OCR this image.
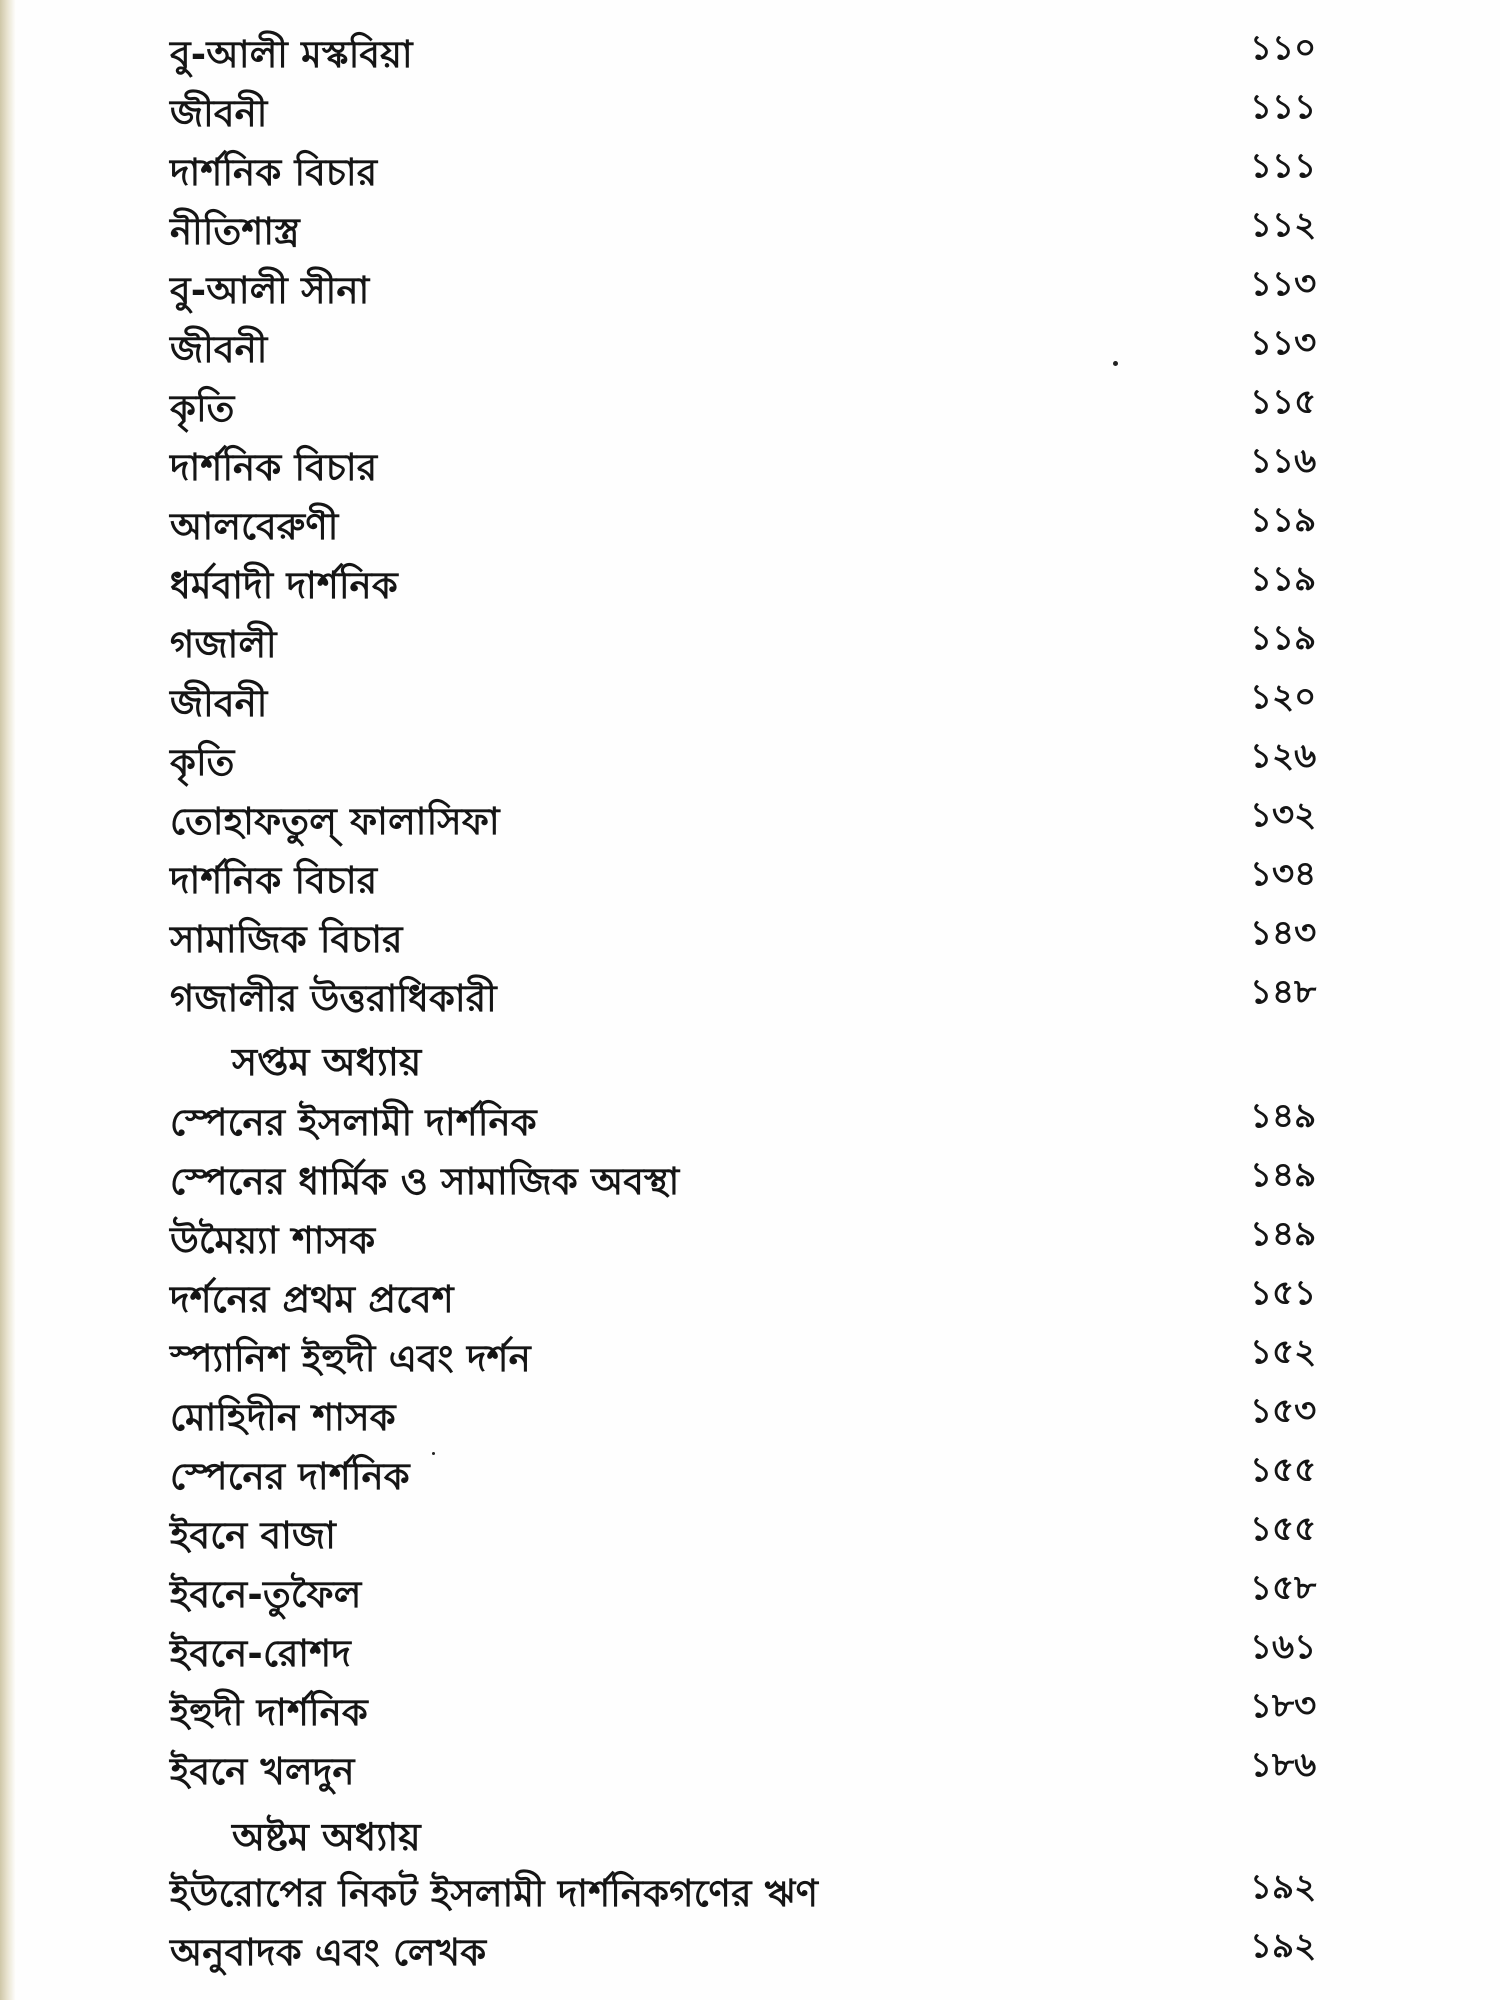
বু-আলী মস্কবিয়া	১১০
জীবনী	১১১
দার্শনিক বিচার	১১১
নীতিশাস্ত্র	১১২
বু-আলী সীনা	১১৩
জীবনী	১১৩
কৃতি	১১৫
দার্শনিক বিচার	১১৬
আলবেরুণী	১১৯
ধর্মবাদী দার্শনিক	১১৯
গজালী	১১৯
জীবনী	১২০
কৃতি	১২৬
তোহাফতুল্ ফালাসিফা	১৩২
দার্শনিক বিচার	১৩৪
সামাজিক বিচার	১৪৩
গজালীর উত্তরাধিকারী	১৪৮
সপ্তম অধ্যায়
স্পেনের ইসলামী দার্শনিক	১৪৯
স্পেনের ধার্মিক ও সামাজিক অবস্থা	১৪৯
উমৈয়্যা শাসক	১৪৯
দর্শনের প্রথম প্রবেশ	১৫১
স্প্যানিশ ইহুদী এবং দর্শন	১৫২
মোহিদীন শাসক	১৫৩
স্পেনের দার্শনিক	১৫৫
ইবনে বাজা	১৫৫
ইবনে-তুফৈল	১৫৮
ইবনে-রোশদ	১৬১
ইহুদী দার্শনিক	১৮৩
ইবনে খলদুন	১৮৬
অষ্টম অধ্যায়
ইউরোপের নিকট ইসলামী দার্শনিকগণের ঋণ	১৯২
অনুবাদক এবং লেখক	১৯২
